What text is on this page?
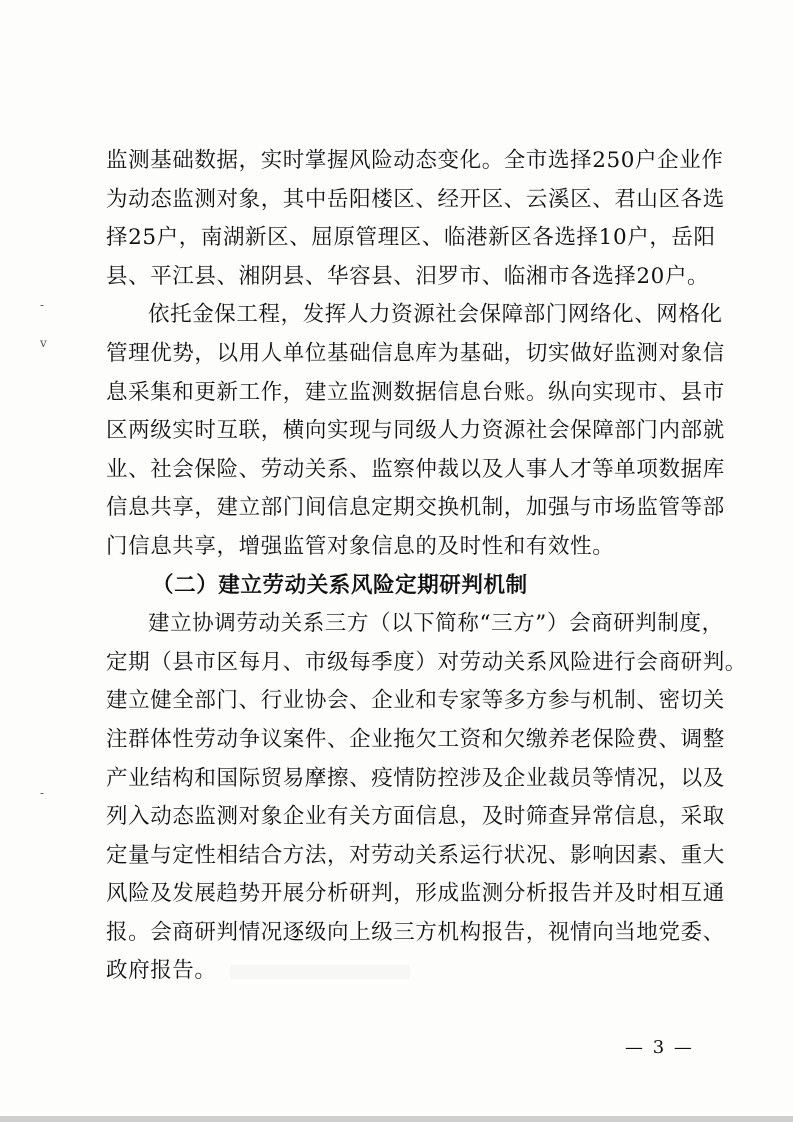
-
v
-
监测基础数据，实时掌握风险动态变化。全市选择250户企业作
为动态监测对象，其中岳阳楼区、经开区、云溪区、君山区各选
择25户，南湖新区、屈原管理区、临港新区各选择10户，岳阳
县、平江县、湘阴县、华容县、汨罗市、临湘市各选择20户。
依托金保工程，发挥人力资源社会保障部门网络化、网格化
管理优势，以用人单位基础信息库为基础，切实做好监测对象信
息采集和更新工作，建立监测数据信息台账。纵向实现市、县市
区两级实时互联，横向实现与同级人力资源社会保障部门内部就
业、社会保险、劳动关系、监察仲裁以及人事人才等单项数据库
信息共享，建立部门间信息定期交换机制，加强与市场监管等部
门信息共享，增强监管对象信息的及时性和有效性。
（二）建立劳动关系风险定期研判机制
建立协调劳动关系三方（以下简称“三方”）会商研判制度，
定期（县市区每月、市级每季度）对劳动关系风险进行会商研判。
建立健全部门、行业协会、企业和专家等多方参与机制、密切关
注群体性劳动争议案件、企业拖欠工资和欠缴养老保险费、调整
产业结构和国际贸易摩擦、疫情防控涉及企业裁员等情况，以及
列入动态监测对象企业有关方面信息，及时筛查异常信息，采取
定量与定性相结合方法，对劳动关系运行状况、影响因素、重大
风险及发展趋势开展分析研判，形成监测分析报告并及时相互通
报。会商研判情况逐级向上级三方机构报告，视情向当地党委、
政府报告。
— 3 —
